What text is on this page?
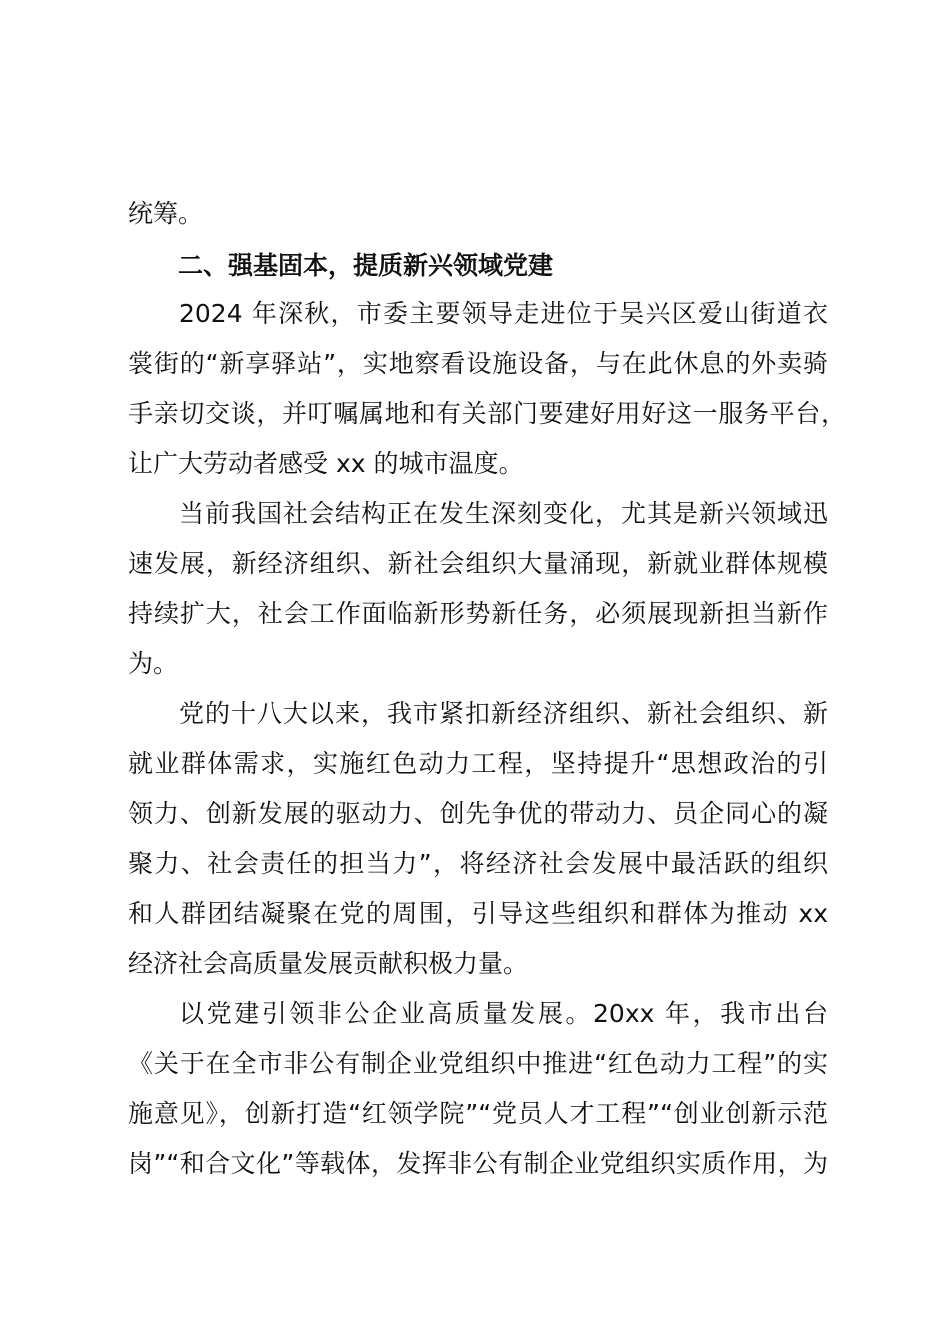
统筹。
二、强基固本，提质新兴领域党建
2024 年深秋，市委主要领导走进位于吴兴区爱山街道衣
裳街的“新享驿站”，实地察看设施设备，与在此休息的外卖骑
手亲切交谈，并叮嘱属地和有关部门要建好用好这一服务平台，
让广大劳动者感受 xx 的城市温度。
当前我国社会结构正在发生深刻变化，尤其是新兴领域迅
速发展，新经济组织、新社会组织大量涌现，新就业群体规模
持续扩大，社会工作面临新形势新任务，必须展现新担当新作
为。
党的十八大以来，我市紧扣新经济组织、新社会组织、新
就业群体需求，实施红色动力工程，坚持提升“思想政治的引
领力、创新发展的驱动力、创先争优的带动力、员企同心的凝
聚力、社会责任的担当力”，将经济社会发展中最活跃的组织
和人群团结凝聚在党的周围，引导这些组织和群体为推动 xx
经济社会高质量发展贡献积极力量。
以党建引领非公企业高质量发展。20xx 年，我市出台
《关于在全市非公有制企业党组织中推进“红色动力工程”的实
施意见》，创新打造“红领学院”“党员人才工程”“创业创新示范
岗”“和合文化”等载体，发挥非公有制企业党组织实质作用，为
